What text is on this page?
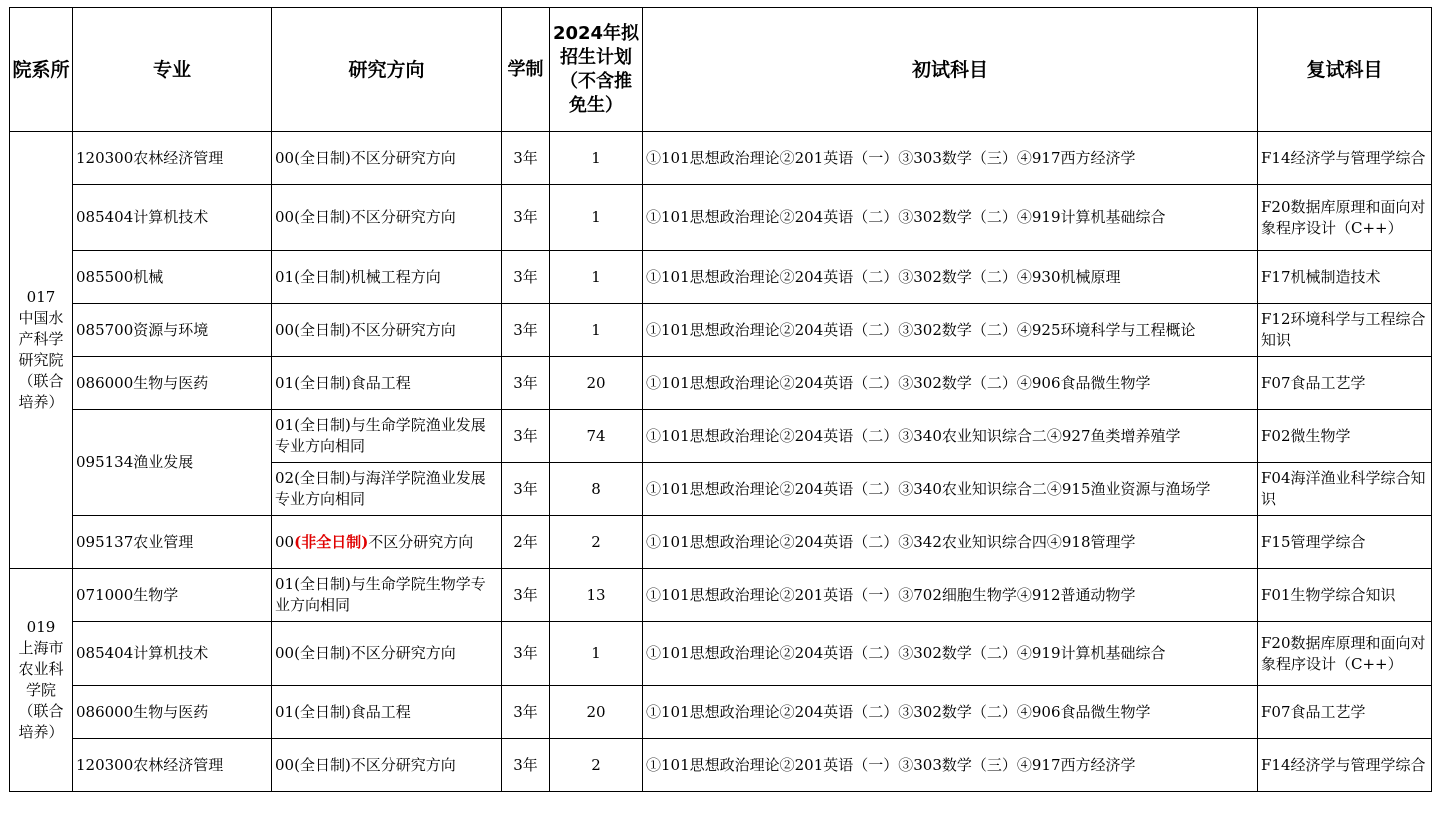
院系所	专业	研究方向	学制	2024年拟招生计划（不含推免生）	初试科目	复试科目

017
中国水产科学研究院（联合培养）	120300农林经济管理	00(全日制)不区分研究方向	3年	1	①101思想政治理论②201英语（一）③303数学（三）④917西方经济学	F14经济学与管理学综合
	085404计算机技术	00(全日制)不区分研究方向	3年	1	①101思想政治理论②204英语（二）③302数学（二）④919计算机基础综合	F20数据库原理和面向对象程序设计（C++）
	085500机械	01(全日制)机械工程方向	3年	1	①101思想政治理论②204英语（二）③302数学（二）④930机械原理	F17机械制造技术
	085700资源与环境	00(全日制)不区分研究方向	3年	1	①101思想政治理论②204英语（二）③302数学（二）④925环境科学与工程概论	F12环境科学与工程综合知识
	086000生物与医药	01(全日制)食品工程	3年	20	①101思想政治理论②204英语（二）③302数学（二）④906食品微生物学	F07食品工艺学
	095134渔业发展	01(全日制)与生命学院渔业发展专业方向相同	3年	74	①101思想政治理论②204英语（二）③340农业知识综合二④927鱼类增养殖学	F02微生物学
		02(全日制)与海洋学院渔业发展专业方向相同	3年	8	①101思想政治理论②204英语（二）③340农业知识综合二④915渔业资源与渔场学	F04海洋渔业科学综合知识
	095137农业管理	00(非全日制)不区分研究方向	2年	2	①101思想政治理论②204英语（二）③342农业知识综合四④918管理学	F15管理学综合

019
上海市农业科学院（联合培养）	071000生物学	01(全日制)与生命学院生物学专业方向相同	3年	13	①101思想政治理论②201英语（一）③702细胞生物学④912普通动物学	F01生物学综合知识
	085404计算机技术	00(全日制)不区分研究方向	3年	1	①101思想政治理论②204英语（二）③302数学（二）④919计算机基础综合	F20数据库原理和面向对象程序设计（C++）
	086000生物与医药	01(全日制)食品工程	3年	20	①101思想政治理论②204英语（二）③302数学（二）④906食品微生物学	F07食品工艺学
	120300农林经济管理	00(全日制)不区分研究方向	3年	2	①101思想政治理论②201英语（一）③303数学（三）④917西方经济学	F14经济学与管理学综合
